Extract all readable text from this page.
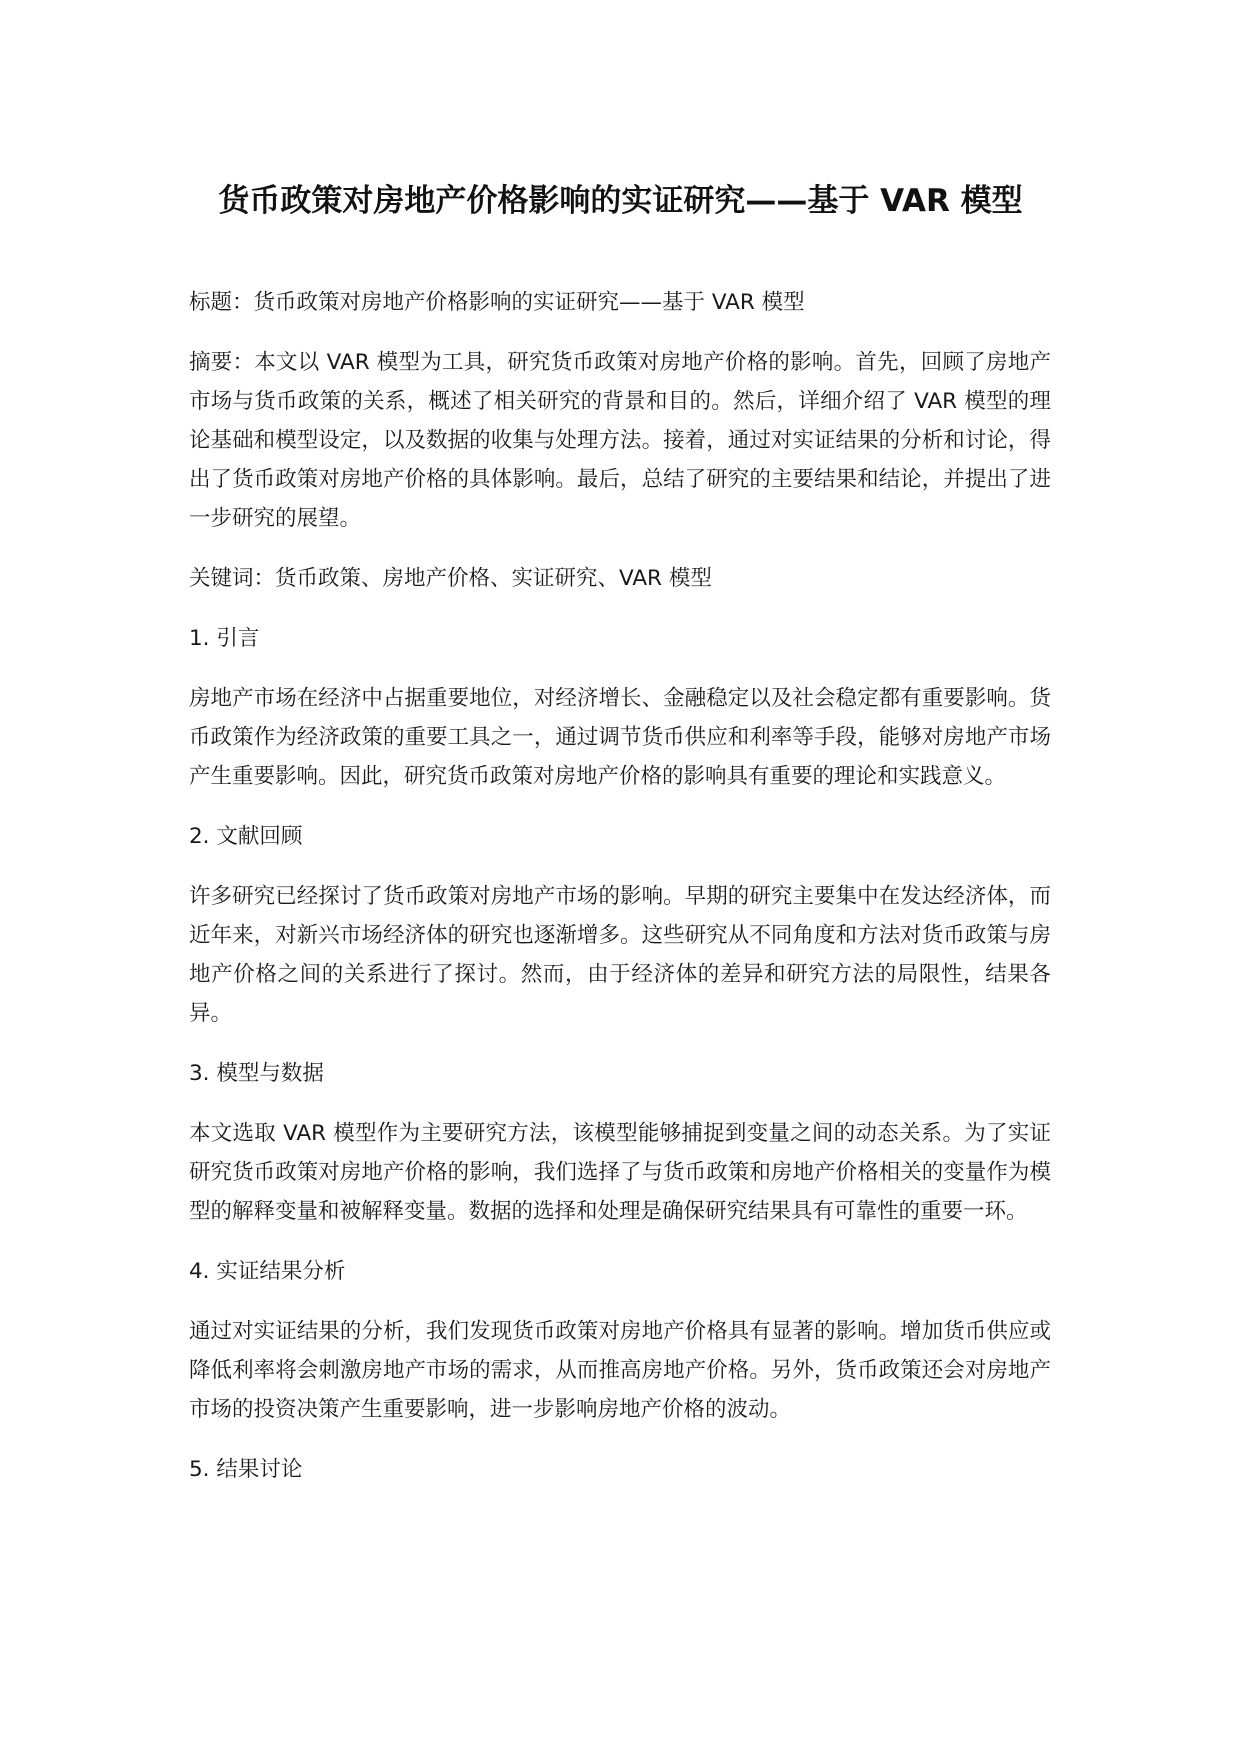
货币政策对房地产价格影响的实证研究——基于 VAR 模型

标题：货币政策对房地产价格影响的实证研究——基于 VAR 模型

摘要：本文以 VAR 模型为工具，研究货币政策对房地产价格的影响。首先，回顾了房地产市场与货币政策的关系，概述了相关研究的背景和目的。然后，详细介绍了 VAR 模型的理论基础和模型设定，以及数据的收集与处理方法。接着，通过对实证结果的分析和讨论，得出了货币政策对房地产价格的具体影响。最后，总结了研究的主要结果和结论，并提出了进一步研究的展望。

关键词：货币政策、房地产价格、实证研究、VAR 模型

1. 引言

房地产市场在经济中占据重要地位，对经济增长、金融稳定以及社会稳定都有重要影响。货币政策作为经济政策的重要工具之一，通过调节货币供应和利率等手段，能够对房地产市场产生重要影响。因此，研究货币政策对房地产价格的影响具有重要的理论和实践意义。

2. 文献回顾

许多研究已经探讨了货币政策对房地产市场的影响。早期的研究主要集中在发达经济体，而近年来，对新兴市场经济体的研究也逐渐增多。这些研究从不同角度和方法对货币政策与房地产价格之间的关系进行了探讨。然而，由于经济体的差异和研究方法的局限性，结果各异。

3. 模型与数据

本文选取 VAR 模型作为主要研究方法，该模型能够捕捉到变量之间的动态关系。为了实证研究货币政策对房地产价格的影响，我们选择了与货币政策和房地产价格相关的变量作为模型的解释变量和被解释变量。数据的选择和处理是确保研究结果具有可靠性的重要一环。

4. 实证结果分析

通过对实证结果的分析，我们发现货币政策对房地产价格具有显著的影响。增加货币供应或降低利率将会刺激房地产市场的需求，从而推高房地产价格。另外，货币政策还会对房地产市场的投资决策产生重要影响，进一步影响房地产价格的波动。

5. 结果讨论
